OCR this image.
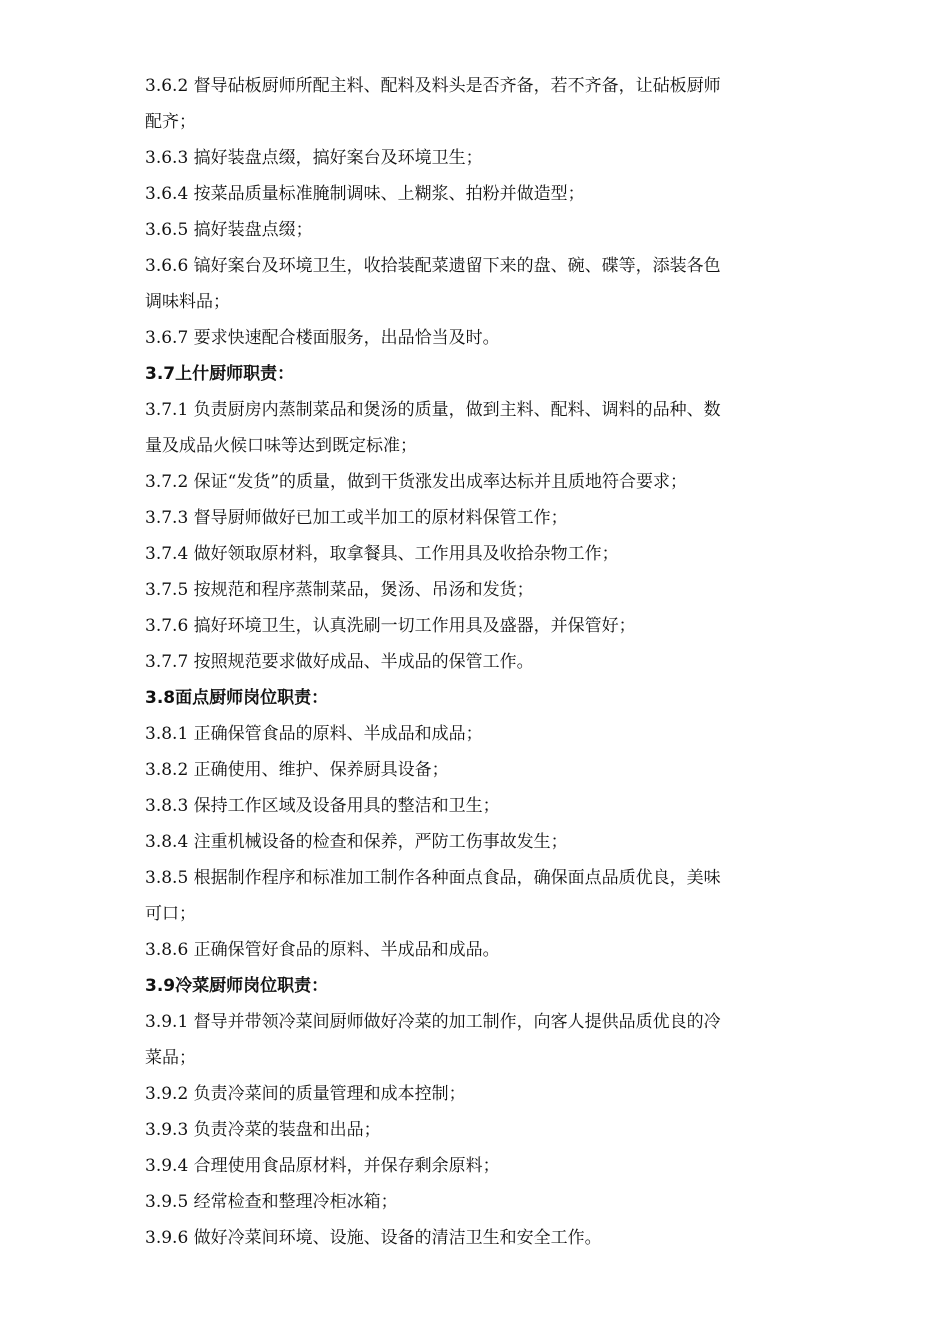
3.6.2 督导砧板厨师所配主料、配料及料头是否齐备，若不齐备，让砧板厨师
配齐；
3.6.3 搞好装盘点缀，搞好案台及环境卫生；
3.6.4 按菜品质量标准腌制调味、上糊浆、拍粉并做造型；
3.6.5 搞好装盘点缀；
3.6.6 镐好案台及环境卫生，收拾装配菜遗留下来的盘、碗、碟等，添装各色
调味料品；
3.6.7 要求快速配合楼面服务，出品恰当及时。
3.7上什厨师职责：
3.7.1 负责厨房内蒸制菜品和煲汤的质量，做到主料、配料、调料的品种、数
量及成品火候口味等达到既定标准；
3.7.2 保证“发货”的质量，做到干货涨发出成率达标并且质地符合要求；
3.7.3 督导厨师做好已加工或半加工的原材料保管工作；
3.7.4 做好领取原材料，取拿餐具、工作用具及收拾杂物工作；
3.7.5 按规范和程序蒸制菜品，煲汤、吊汤和发货；
3.7.6 搞好环境卫生，认真洗刷一切工作用具及盛器，并保管好；
3.7.7 按照规范要求做好成品、半成品的保管工作。
3.8面点厨师岗位职责：
3.8.1 正确保管食品的原料、半成品和成品；
3.8.2 正确使用、维护、保养厨具设备；
3.8.3 保持工作区域及设备用具的整洁和卫生；
3.8.4 注重机械设备的检查和保养，严防工伤事故发生；
3.8.5 根据制作程序和标准加工制作各种面点食品，确保面点品质优良，美味
可口；
3.8.6 正确保管好食品的原料、半成品和成品。
3.9冷菜厨师岗位职责：
3.9.1 督导并带领冷菜间厨师做好冷菜的加工制作，向客人提供品质优良的冷
菜品；
3.9.2 负责冷菜间的质量管理和成本控制；
3.9.3 负责冷菜的装盘和出品；
3.9.4 合理使用食品原材料，并保存剩余原料；
3.9.5 经常检查和整理冷柜冰箱；
3.9.6 做好冷菜间环境、设施、设备的清洁卫生和安全工作。
